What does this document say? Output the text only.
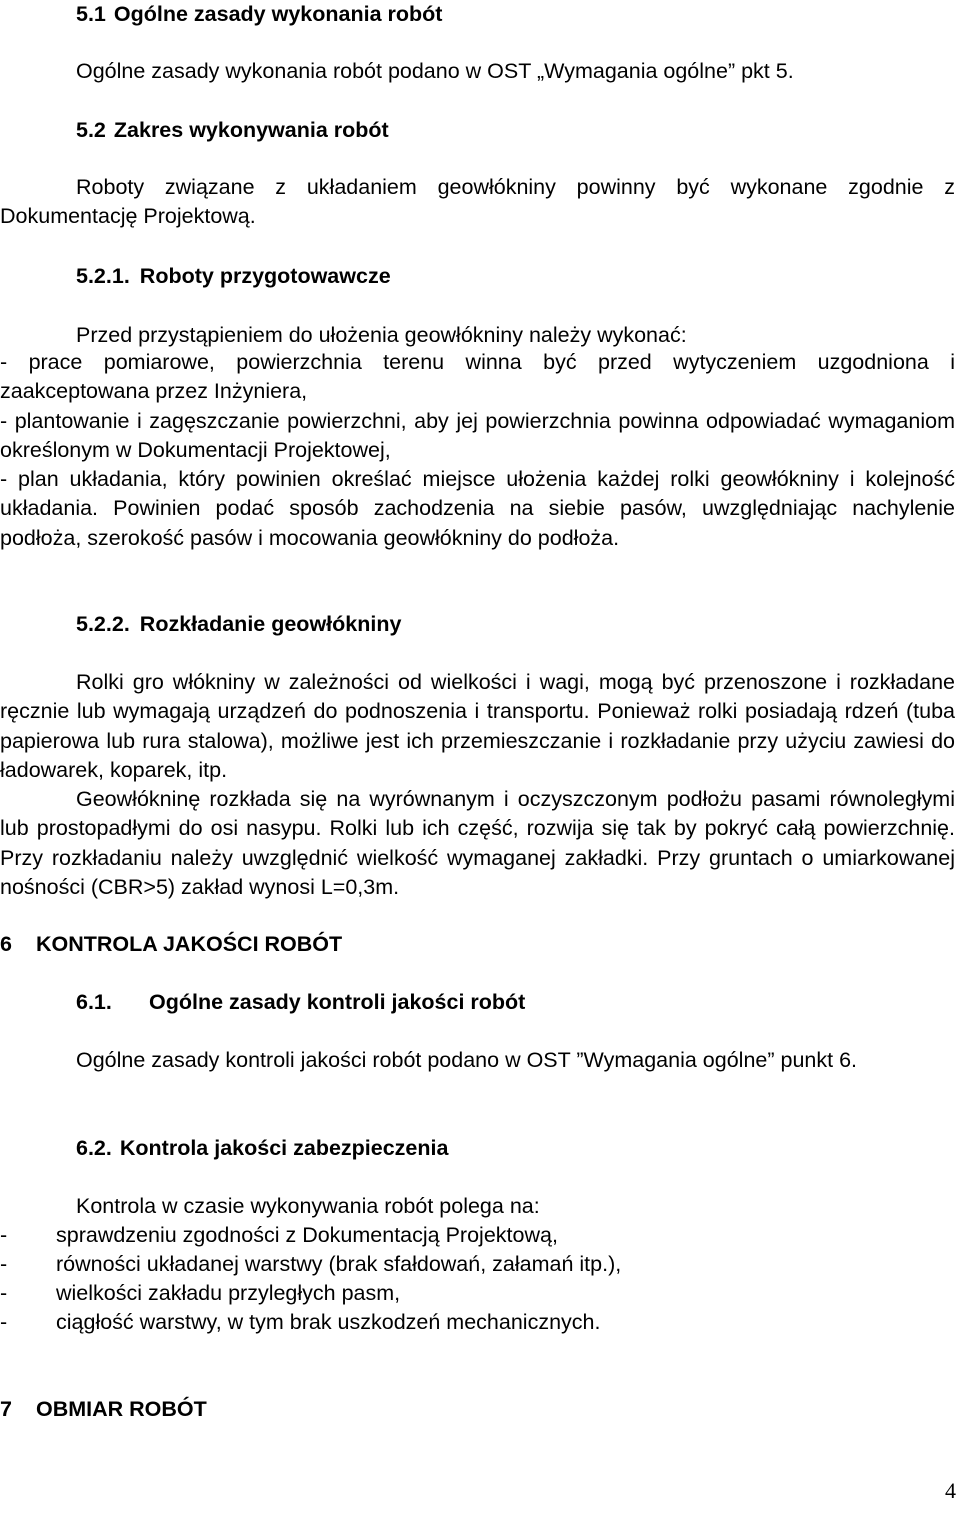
5.1 Ogólne zasady wykonania robót
Ogólne zasady wykonania robót podano w OST „Wymagania ogólne” pkt 5.
5.2 Zakres wykonywania robót

Roboty związane z układaniem geowłókniny powinny być wykonane zgodnie z Dokumentację Projektową.

5.2.1. Roboty przygotowawcze
Przed przystąpieniem do ułożenia geowłókniny należy wykonać:

- prace pomiarowe, powierzchnia terenu winna być przed wytyczeniem uzgodniona i zaakceptowana przez Inżyniera,

- plantowanie i zagęszczanie powierzchni, aby jej powierzchnia powinna odpowiadać wymaganiom określonym w Dokumentacji Projektowej,

- plan układania, który powinien określać miejsce ułożenia każdej rolki geowłókniny i kolejność układania. Powinien podać sposób zachodzenia na siebie pasów, uwzględniając nachylenie podłoża, szerokość pasów i mocowania geowłókniny do podłoża.

5.2.2. Rozkładanie geowłókniny

Rolki gro włókniny w zależności od wielkości i wagi, mogą być przenoszone i rozkładane ręcznie lub wymagają urządzeń do podnoszenia i transportu. Ponieważ rolki posiadają rdzeń (tuba papierowa lub rura stalowa), możliwe jest ich przemieszczanie i rozkładanie przy użyciu zawiesi do ładowarek, koparek, itp.

Geowłókninę rozkłada się na wyrównanym i oczyszczonym podłożu pasami równoległymi lub prostopadłymi do osi nasypu. Rolki lub ich część, rozwija się tak by pokryć całą powierzchnię. Przy rozkładaniu należy uwzględnić wielkość wymaganej zakładki. Przy gruntach o umiarkowanej nośności (CBR>5) zakład wynosi L=0,3m.

6 KONTROLA JAKOŚCI ROBÓT
6.1. Ogólne zasady kontroli jakości robót

Ogólne zasady kontroli jakości robót podano w OST ”Wymagania ogólne” punkt 6.

6.2. Kontrola jakości zabezpieczenia
Kontrola w czasie wykonywania robót polega na:
- sprawdzeniu zgodności z Dokumentacją Projektową,
- równości układanej warstwy (brak sfałdowań, załamań itp.),
- wielkości zakładu przyległych pasm,
- ciągłość warstwy, w tym brak uszkodzeń mechanicznych.
7 OBMIAR ROBÓT
4
